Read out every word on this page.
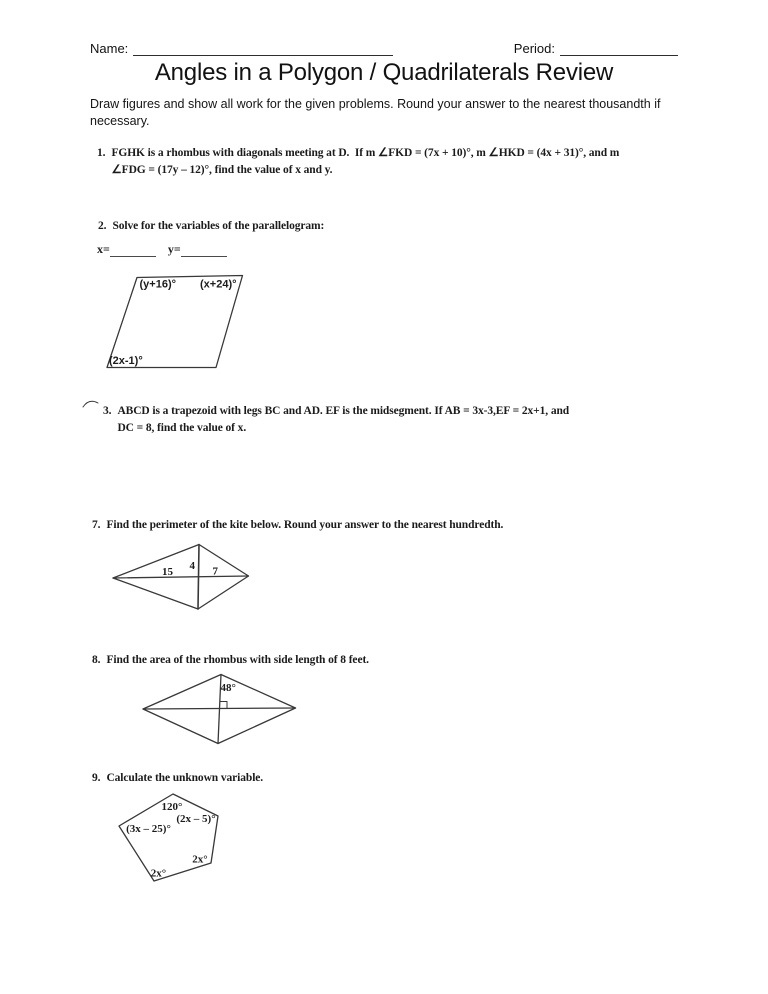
Name:	Period:
Angles in a Polygon / Quadrilaterals Review
Draw figures and show all work for the given problems. Round your answer to the nearest thousandth if
necessary.
1. FGHK is a rhombus with diagonals meeting at D.  If m ∠FKD = (7x + 10)°, m ∠HKD = (4x + 31)°, and m
∠FDG = (17y – 12)°, find the value of x and y.
2. Solve for the variables of the parallelogram:
x=	y=
(y+16)° (x+24)°
(2x-1)°
3. ABCD is a trapezoid with legs BC and AD. EF is the midsegment. If AB = 3x-3,EF = 2x+1, and
DC = 8, find the value of x.
7. Find the perimeter of the kite below. Round your answer to the nearest hundredth.
15 4 7
8. Find the area of the rhombus with side length of 8 feet.
48°
9. Calculate the unknown variable.
120°
(2x – 5)°
(3x – 25)°
2x°
2x°
